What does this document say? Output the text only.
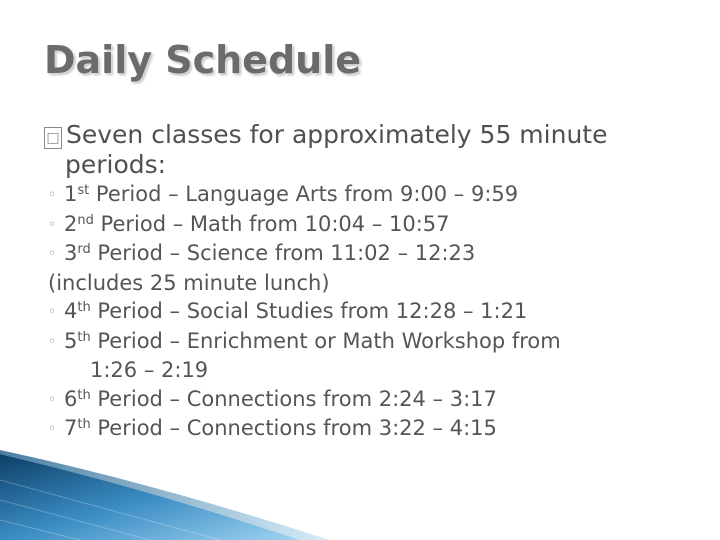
Daily Schedule
□ Seven classes for approximately 55 minute
periods:
◦ 1st Period – Language Arts from 9:00 – 9:59
◦ 2nd Period – Math from 10:04 – 10:57
◦ 3rd Period – Science from 11:02 – 12:23
(includes 25 minute lunch)
◦ 4th Period – Social Studies from 12:28 – 1:21
◦ 5th Period – Enrichment or Math Workshop from
1:26 – 2:19
◦ 6th Period – Connections from 2:24 – 3:17
◦ 7th Period – Connections from 3:22 – 4:15
